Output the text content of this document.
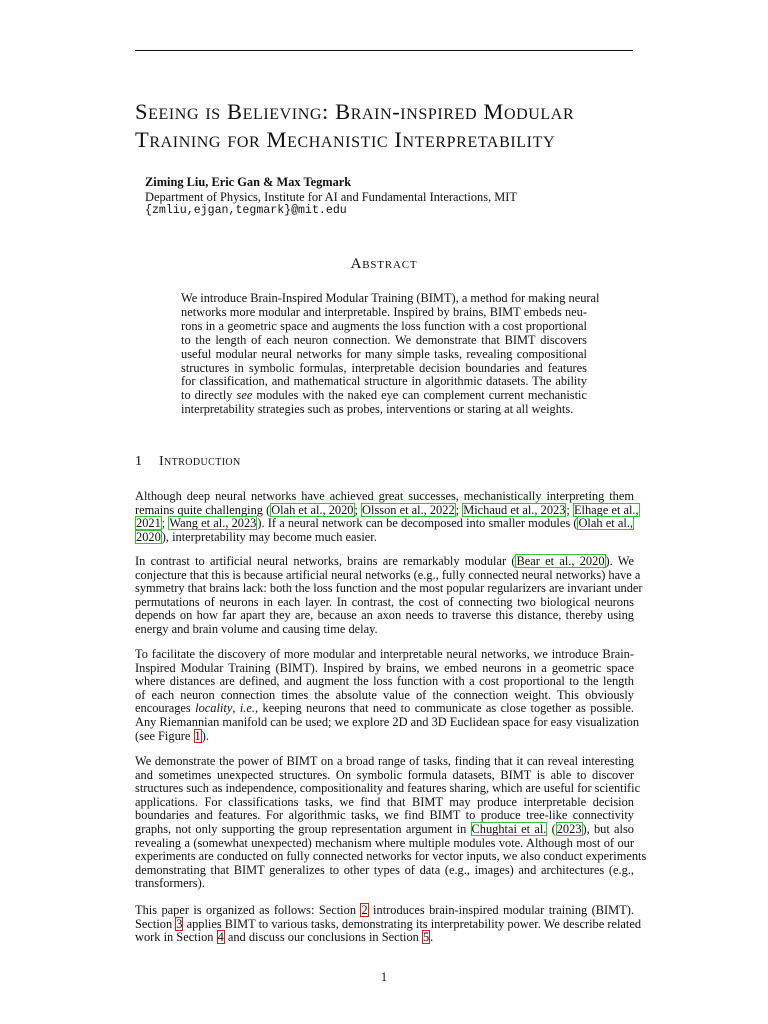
Seeing is Believing: Brain-inspired Modular
Training for Mechanistic Interpretability
Ziming Liu, Eric Gan & Max Tegmark
Department of Physics, Institute for AI and Fundamental Interactions, MIT
{zmliu,ejgan,tegmark}@mit.edu
Abstract
We introduce Brain-Inspired Modular Training (BIMT), a method for making neural
networks more modular and interpretable. Inspired by brains, BIMT embeds neu-
rons in a geometric space and augments the loss function with a cost proportional
to the length of each neuron connection. We demonstrate that BIMT discovers
useful modular neural networks for many simple tasks, revealing compositional
structures in symbolic formulas, interpretable decision boundaries and features
for classification, and mathematical structure in algorithmic datasets. The ability
to directly see modules with the naked eye can complement current mechanistic
interpretability strategies such as probes, interventions or staring at all weights.
1 Introduction
Although deep neural networks have achieved great successes, mechanistically interpreting them
remains quite challenging (Olah et al., 2020; Olsson et al., 2022; Michaud et al., 2023; Elhage et al.,
2021; Wang et al., 2023). If a neural network can be decomposed into smaller modules (Olah et al.,
2020), interpretability may become much easier.
In contrast to artificial neural networks, brains are remarkably modular (Bear et al., 2020). We
conjecture that this is because artificial neural networks (e.g., fully connected neural networks) have a
symmetry that brains lack: both the loss function and the most popular regularizers are invariant under
permutations of neurons in each layer. In contrast, the cost of connecting two biological neurons
depends on how far apart they are, because an axon needs to traverse this distance, thereby using
energy and brain volume and causing time delay.
To facilitate the discovery of more modular and interpretable neural networks, we introduce Brain-
Inspired Modular Training (BIMT). Inspired by brains, we embed neurons in a geometric space
where distances are defined, and augment the loss function with a cost proportional to the length
of each neuron connection times the absolute value of the connection weight. This obviously
encourages locality, i.e., keeping neurons that need to communicate as close together as possible.
Any Riemannian manifold can be used; we explore 2D and 3D Euclidean space for easy visualization
(see Figure 1).
We demonstrate the power of BIMT on a broad range of tasks, finding that it can reveal interesting
and sometimes unexpected structures. On symbolic formula datasets, BIMT is able to discover
structures such as independence, compositionality and features sharing, which are useful for scientific
applications. For classifications tasks, we find that BIMT may produce interpretable decision
boundaries and features. For algorithmic tasks, we find BIMT to produce tree-like connectivity
graphs, not only supporting the group representation argument in Chughtai et al. (2023), but also
revealing a (somewhat unexpected) mechanism where multiple modules vote. Although most of our
experiments are conducted on fully connected networks for vector inputs, we also conduct experiments
demonstrating that BIMT generalizes to other types of data (e.g., images) and architectures (e.g.,
transformers).
This paper is organized as follows: Section 2 introduces brain-inspired modular training (BIMT).
Section 3 applies BIMT to various tasks, demonstrating its interpretability power. We describe related
work in Section 4 and discuss our conclusions in Section 5.
1
